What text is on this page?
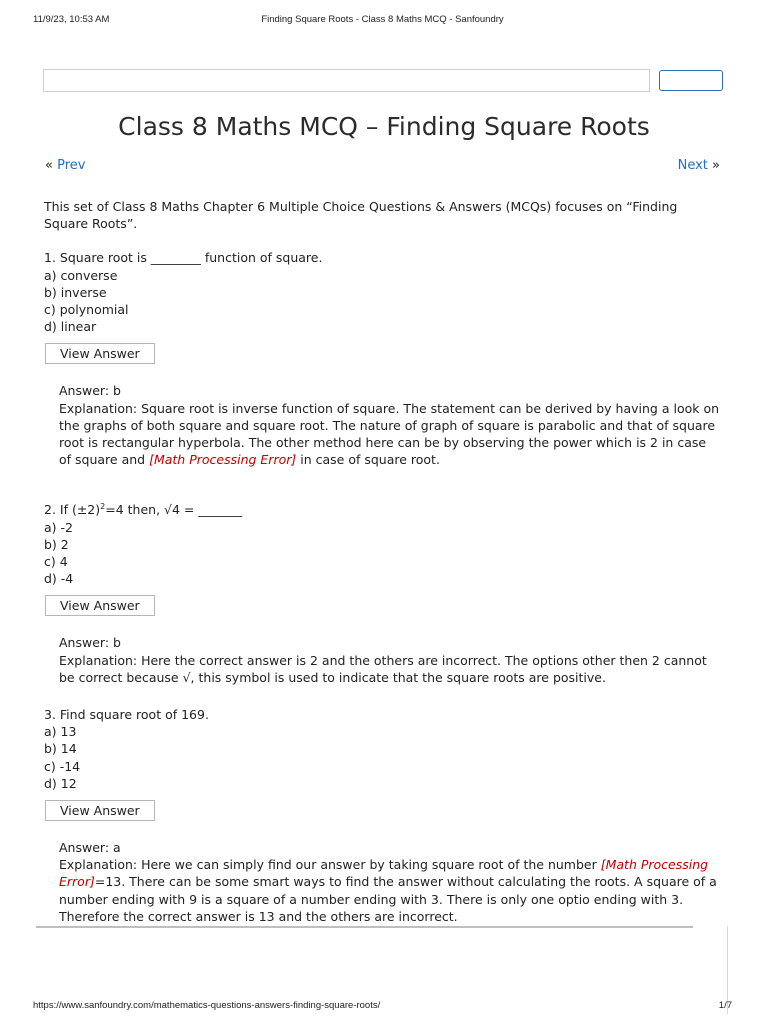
11/9/23, 10:53 AM	Finding Square Roots - Class 8 Maths MCQ - Sanfoundry
Class 8 Maths MCQ – Finding Square Roots
« Prev	Next »

This set of Class 8 Maths Chapter 6 Multiple Choice Questions & Answers (MCQs) focuses on “Finding Square Roots”.

1. Square root is ________ function of square.
a) converse
b) inverse
c) polynomial
d) linear
View Answer
Answer: b
Explanation: Square root is inverse function of square. The statement can be derived by having a look on the graphs of both square and square root. The nature of graph of square is parabolic and that of square root is rectangular hyperbola. The other method here can be by observing the power which is 2 in case of square and [Math Processing Error] in case of square root.
2. If $(\pm 2)^2=4$ then, √4 = _______
a) -2
b) 2
c) 4
d) -4
View Answer
Answer: b
Explanation: Here the correct answer is 2 and the others are incorrect. The options other then 2 cannot be correct because √, this symbol is used to indicate that the square roots are positive.
3. Find square root of 169.
a) 13
b) 14
c) -14
d) 12
View Answer
Answer: a
Explanation: Here we can simply find our answer by taking square root of the number [Math Processing Error]=13. There can be some smart ways to find the answer without calculating the roots. A square of a number ending with 9 is a square of a number ending with 3. There is only one optio ending with 3. Therefore the correct answer is 13 and the others are incorrect.
https://www.sanfoundry.com/mathematics-questions-answers-finding-square-roots/	1/7
